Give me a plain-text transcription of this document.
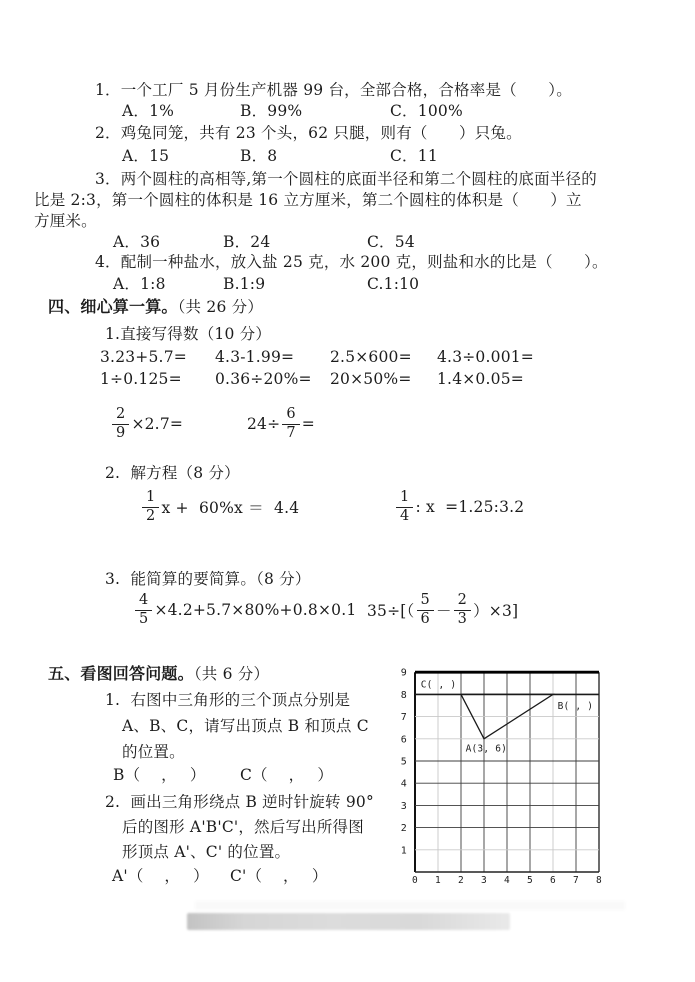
1．一个工厂 5 月份生产机器 99 台，全部合格，合格率是（　　）。
A．1%	B．99%	C．100%
2．鸡兔同笼，共有 23 个头，62 只腿，则有（　　）只兔。
A．15	B．8	C．11
3．两个圆柱的高相等,第一个圆柱的底面半径和第二个圆柱的底面半径的
比是 2:3，第一个圆柱的体积是 16 立方厘米，第二个圆柱的体积是（　　）立
方厘米。
A．36	B．24	C．54
4．配制一种盐水，放入盐 25 克，水 200 克，则盐和水的比是（　　）。
A．1:8	B.1:9	C.1:10
四、细心算一算。（共 26 分）
1.直接写得数（10 分）
3.23+5.7= 4.3-1.99= 2.5×600= 4.3÷0.001=
1÷0.125= 0.36÷20%= 20×50%= 1.4×0.05=
$\frac{2}{9} \times 2.7=$	$24\div \frac{6}{7}$ =
2.  解方程（8 分）
$\frac{1}{2}$ x +  60%x ＝  4.4	$\frac{1}{4}$ : x  =1.25:3.2
3.  能简算的要简算。（8 分）
$\frac{4}{5} \times 4.2+5.7\times 80\%+0.8\times 0.1$ $35\div[( \frac{5}{6} - \frac{2}{3} )\times 3]$
五、看图回答问题。（共 6 分）
1.  右图中三角形的三个顶点分别是
A、B、C，请写出顶点 B 和顶点 C
的位置。
B（　 ，　 ） C（　 ，　 ）
2.  画出三角形绕点 B 逆时针旋转 90°
后的图形 A'B'C'，然后写出所得图
形顶点 A'、C' 的位置。
A'（　 ，　 ） C'（　 ，　 ）
1
2
3
4
5
6
7
8
9
0 1 2 3 4 5 6 7 8
C( , )
B( , )
A(3, 6)
